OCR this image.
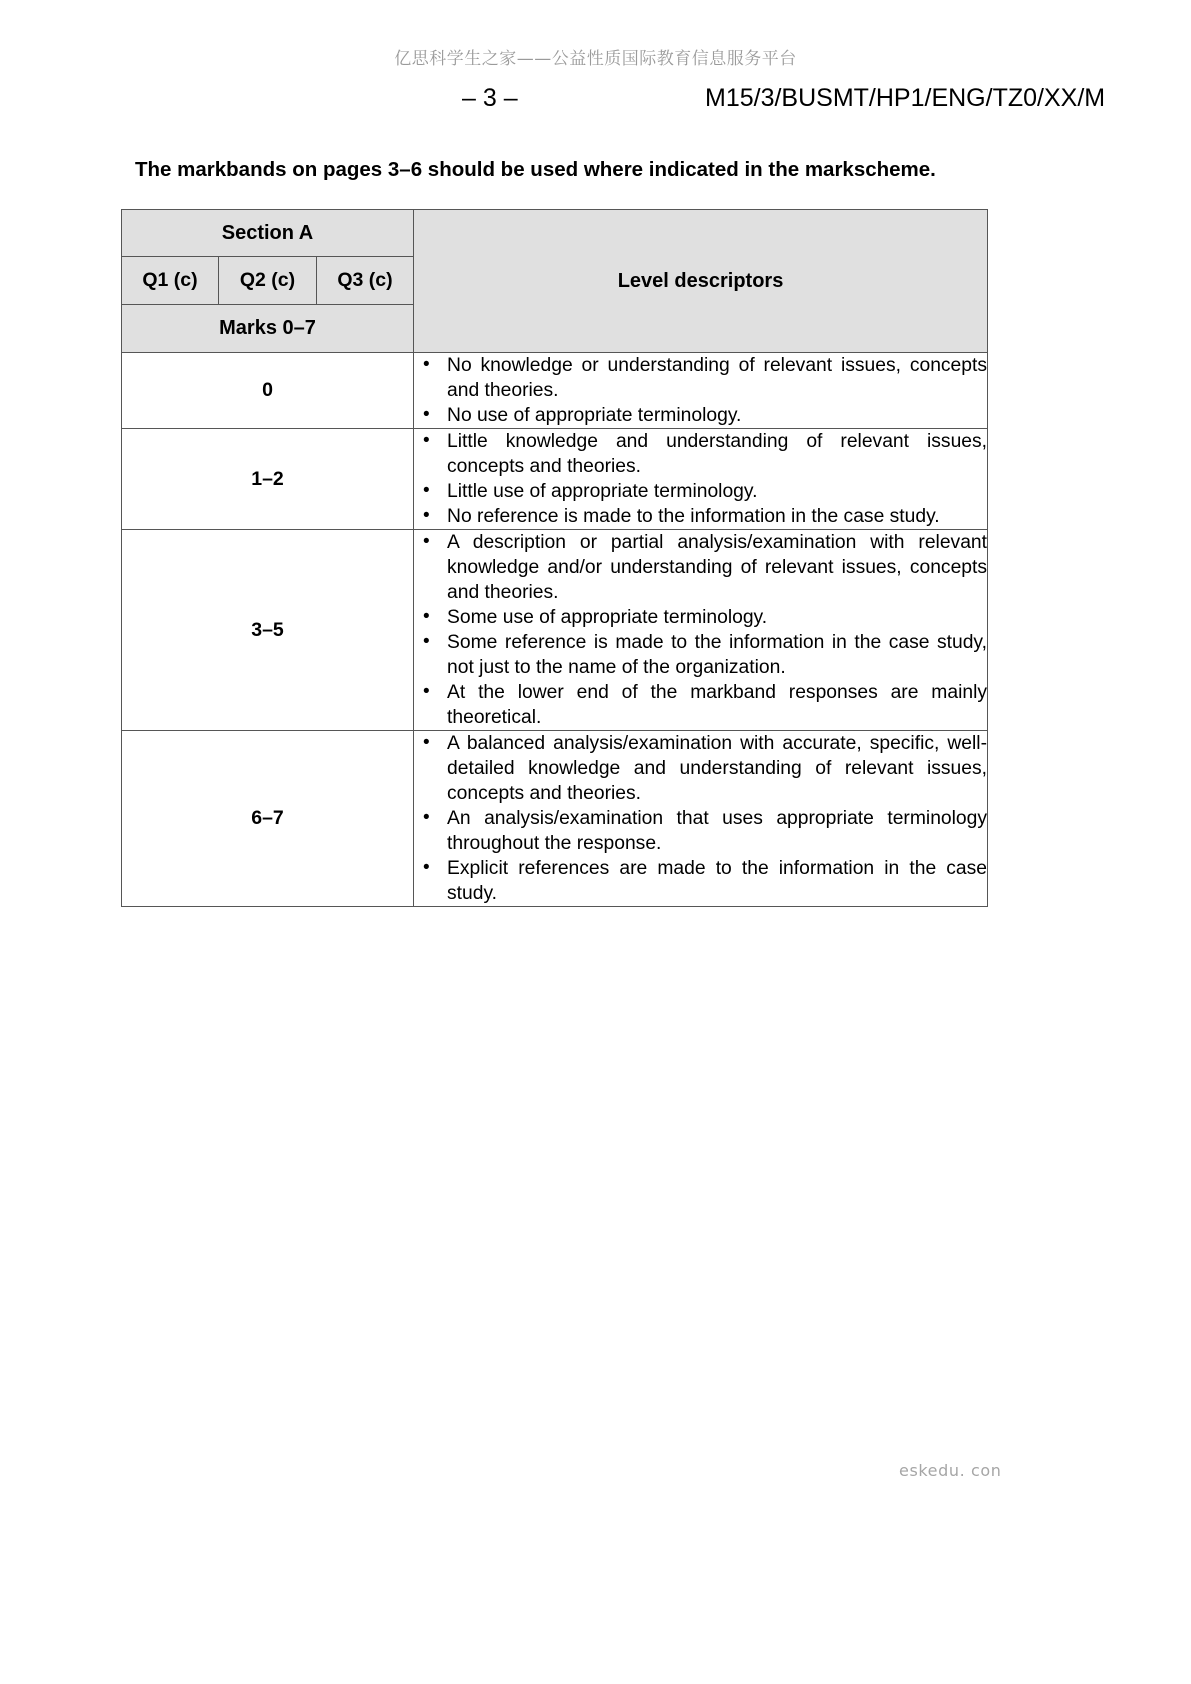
亿思科学生之家——公益性质国际教育信息服务平台
– 3 –	M15/3/BUSMT/HP1/ENG/TZ0/XX/M
The markbands on pages 3–6 should be used where indicated in the markscheme.
Section A			Level descriptors
Q1 (c)	Q2 (c)	Q3 (c)	
Marks 0–7			
0	
• No knowledge or understanding of relevant issues, concepts and theories.
• No use of appropriate terminology.

1–2	
• Little knowledge and understanding of relevant issues, concepts and theories.
• Little use of appropriate terminology.
• No reference is made to the information in the case study.

3–5	
• A description or partial analysis/examination with relevant knowledge and/or understanding of relevant issues, concepts and theories.
• Some use of appropriate terminology.
• Some reference is made to the information in the case study, not just to the name of the organization.
• At the lower end of the markband responses are mainly theoretical.

6–7	
• A balanced analysis/examination with accurate, specific, well-detailed knowledge and understanding of relevant issues, concepts and theories.
• An analysis/examination that uses appropriate terminology throughout the response.
• Explicit references are made to the information in the case study.
eskedu. con
